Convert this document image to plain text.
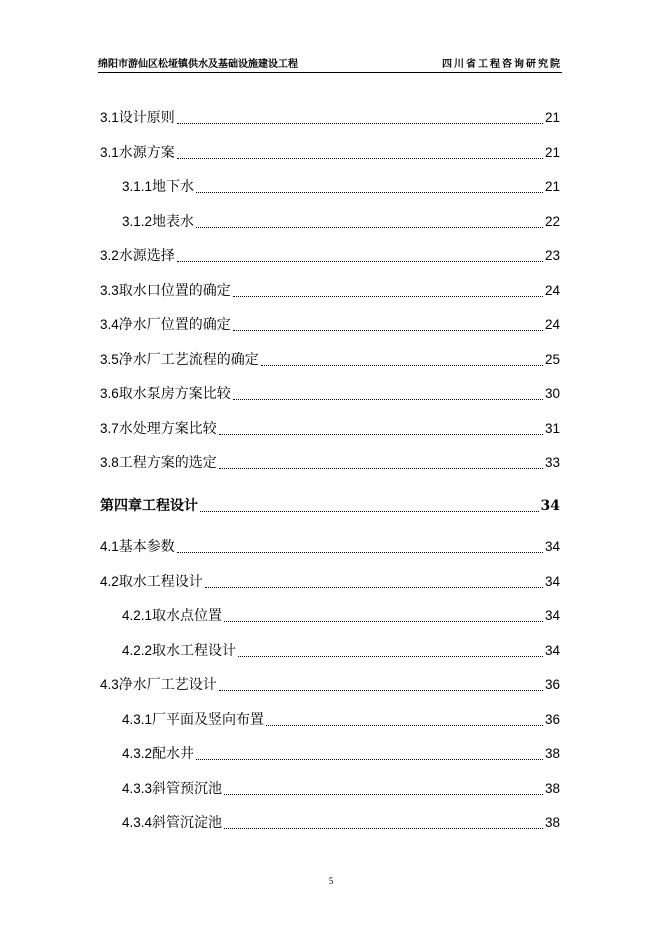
绵阳市游仙区松垭镇供水及基础设施建设工程	四川省工程咨询研究院
3.1 设计原则	21
3.1 水源方案	21
3.1.1 地下水	21
3.1.2 地表水	22
3.2 水源选择	23
3.3 取水口位置的确定	24
3.4 净水厂位置的确定	24
3.5 净水厂工艺流程的确定	25
3.6 取水泵房方案比较	30
3.7 水处理方案比较	31
3.8 工程方案的选定	33
第四章工程设计	34
4.1 基本参数	34
4.2 取水工程设计	34
4.2.1 取水点位置	34
4.2.2 取水工程设计	34
4.3 净水厂工艺设计	36
4.3.1 厂平面及竖向布置	36
4.3.2 配水井	38
4.3.3 斜管预沉池	38
4.3.4 斜管沉淀池	38
5
